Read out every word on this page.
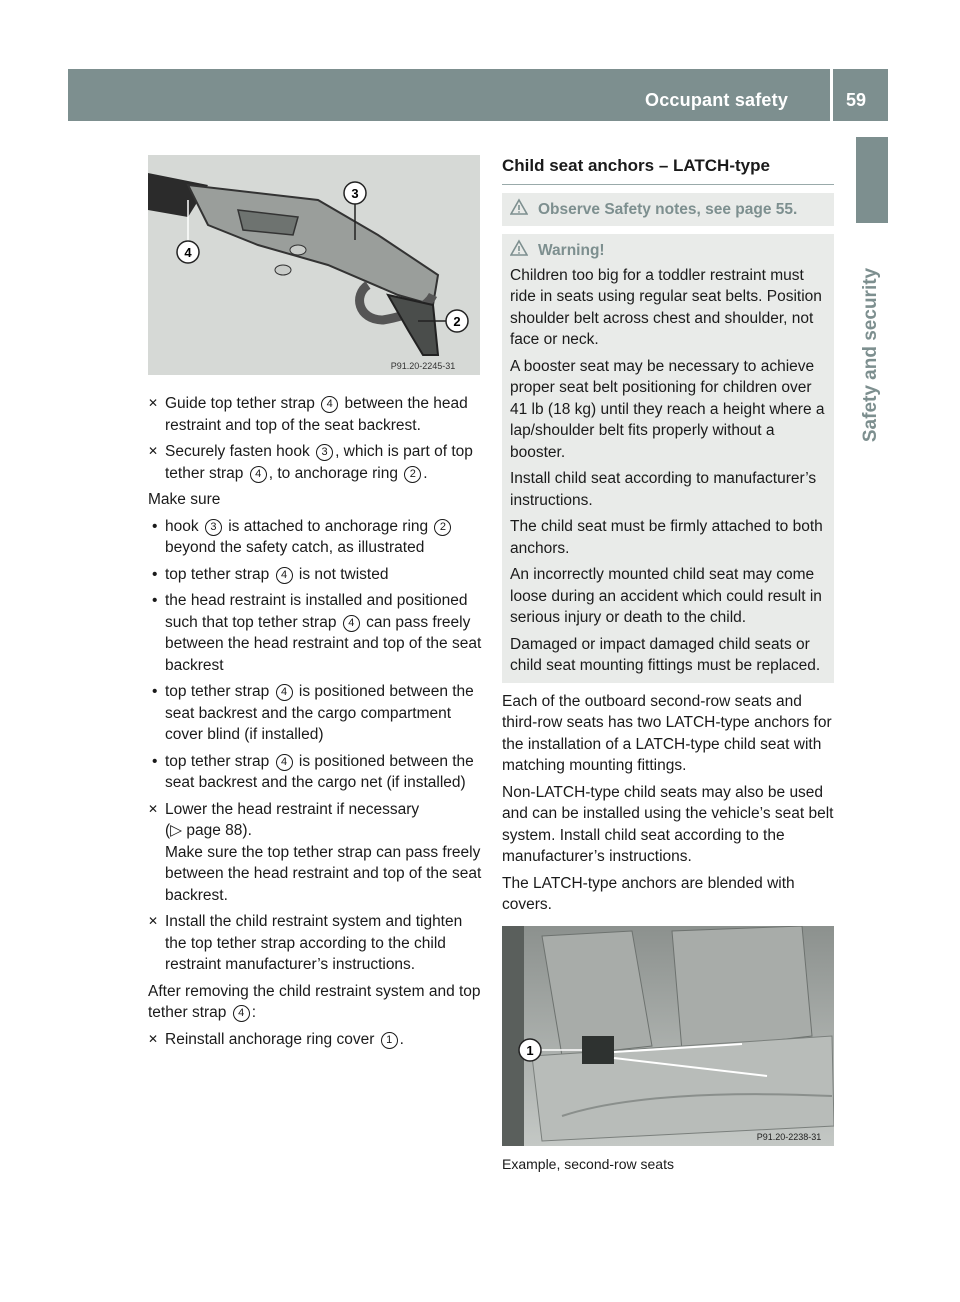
Occupant safety	59
Safety and security
3
4
2
P91.20-2245-31
✕ Guide top tether strap 4 between the head restraint and top of the seat backrest.
✕ Securely fasten hook 3 , which is part of top tether strap 4 , to anchorage ring 2 .
Make sure
• hook 3 is attached to anchorage ring 2 beyond the safety catch, as illustrated
• top tether strap 4 is not twisted
• the head restraint is installed and positioned such that top tether strap 4 can pass freely between the head restraint and top of the seat backrest
• top tether strap 4 is positioned between the seat backrest and the cargo compartment cover blind (if installed)
• top tether strap 4 is positioned between the seat backrest and the cargo net (if installed)
✕ Lower the head restraint if necessary
(▷ page 88).
Make sure the top tether strap can pass freely between the head restraint and top of the seat backrest.
✕ Install the child restraint system and tighten the top tether strap according to the child restraint manufacturer’s instructions.
After removing the child restraint system and top tether strap 4 :
✕ Reinstall anchorage ring cover 1 .
Child seat anchors – LATCH-type
Observe Safety notes, see page 55.
Warning!

Children too big for a toddler restraint must ride in seats using regular seat belts. Position shoulder belt across chest and shoulder, not face or neck.

A booster seat may be necessary to achieve proper seat belt positioning for children over 41 lb (18 kg) until they reach a height where a lap/shoulder belt fits properly without a booster.

Install child seat according to manufacturer’s instructions.

The child seat must be firmly attached to both anchors.

An incorrectly mounted child seat may come loose during an accident which could result in serious injury or death to the child.

Damaged or impact damaged child seats or child seat mounting fittings must be replaced.

Each of the outboard second-row seats and third-row seats has two LATCH-type anchors for the installation of a LATCH-type child seat with matching mounting fittings.
Non-LATCH-type child seats may also be used and can be installed using the vehicle’s seat belt system. Install child seat according to the manufacturer’s instructions.
The LATCH-type anchors are blended with covers.
1
P91.20-2238-31
Example, second-row seats
